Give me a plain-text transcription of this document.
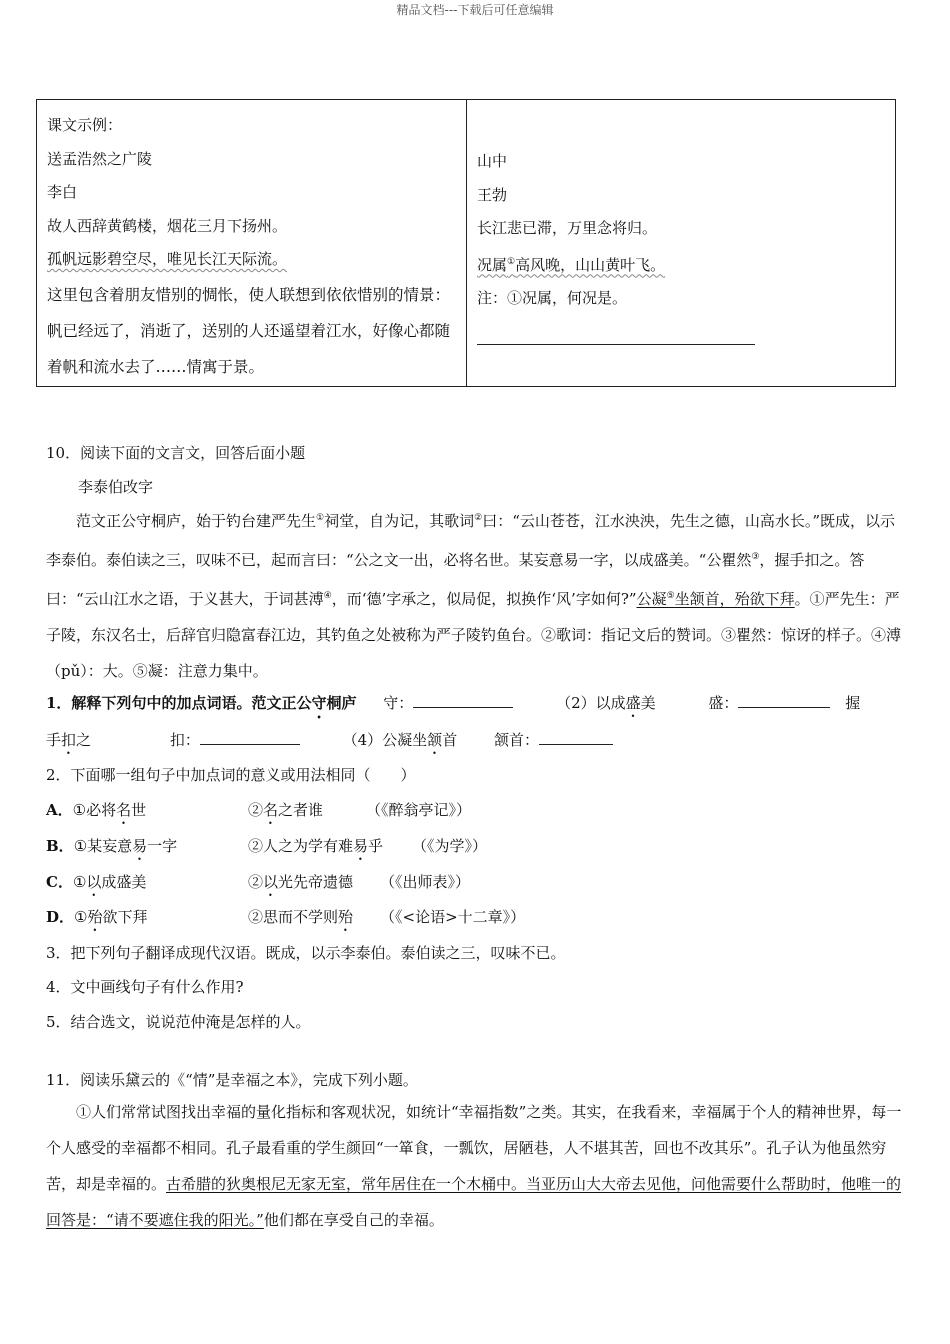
精品文档---下载后可任意编辑
课文示例：
送孟浩然之广陵
李白
故人西辞黄鹤楼，烟花三月下扬州。
孤帆远影碧空尽，唯见长江天际流。
这里包含着朋友惜别的惆怅，使人联想到依依惜别的情景：帆已经远了，消逝了，送别的人还遥望着江水，好像心都随着帆和流水去了……情寓于景。
山中
王勃
长江悲已滞，万里念将归。
况属①高风晚，山山黄叶飞。
注：①况属，何况是。
10．阅读下面的文言文，回答后面小题
李泰伯改字

范文正公守桐庐，始于钓台建严先生①祠堂，自为记，其歌词②曰：“云山苍苍，江水泱泱，先生之德，山高水长。”既成，以示李泰伯。泰伯读之三，叹味不已，起而言曰：“公之文一出，必将名世。某妄意易一字，以成盛美。“公瞿然③，握手扣之。答曰：“云山江水之语，于义甚大，于词甚溥④，而‘德’字承之，似局促，拟换作‘风’字如何?”公凝⑤坐颔首，殆欲下拜。①严先生：严子陵，东汉名士，后辞官归隐富春江边，其钓鱼之处被称为严子陵钓鱼台。②歌词：指记文后的赞词。③瞿然：惊讶的样子。④溥（pǔ）：大。⑤凝：注意力集中。

1．解释下列句中的加点词语。范文正公守桐庐 守：	（2）以成盛美	盛：	握
手扣之	扣：	（4）公凝坐颔首 颔首：
2．下面哪一组句子中加点词的意义或用法相同（　　）
A．①必将名世	②名之者谁	（《醉翁亭记》）
B．①某妄意易一字	②人之为学有难易乎 （《为学》）
C．①以成盛美	②以光先帝遗德 （《出师表》）
D．①殆欲下拜	②思而不学则殆 （《<论语>十二章》）
3．把下列句子翻译成现代汉语。既成，以示李泰伯。泰伯读之三，叹味不已。
4．文中画线句子有什么作用?
5．结合选文，说说范仲淹是怎样的人。
11．阅读乐黛云的《“情”是幸福之本》，完成下列小题。

①人们常常试图找出幸福的量化指标和客观状况，如统计“幸福指数”之类。其实，在我看来，幸福属于个人的精神世界，每一个人感受的幸福都不相同。孔子最看重的学生颜回“一箪食，一瓢饮，居陋巷，人不堪其苦，回也不改其乐”。孔子认为他虽然穷苦，却是幸福的。古希腊的狄奥根尼无家无室，常年居住在一个木桶中。当亚历山大大帝去见他，问他需要什么帮助时，他唯一的回答是：“请不要遮住我的阳光。”他们都在享受自己的幸福。
